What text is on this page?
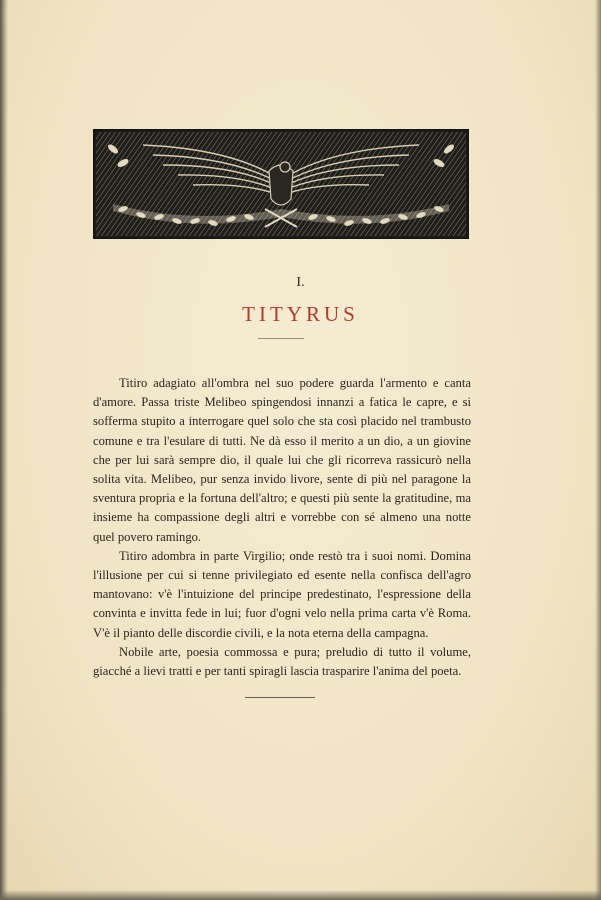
I.
TITYRUS

Titiro adagiato all'ombra nel suo podere guarda l'armento e canta d'amore. Passa triste Melibeo spingendosi innanzi a fatica le capre, e si sofferma stupito a interrogare quel solo che sta così placido nel trambusto comune e tra l'esulare di tutti. Ne dà esso il merito a un dio, a un giovine che per lui sarà sempre dio, il quale lui che gli ricorreva rassicurò nella solita vita. Melibeo, pur senza invido livore, sente di più nel paragone la sventura propria e la fortuna dell'altro; e questi più sente la gratitudine, ma insieme ha compassione degli altri e vorrebbe con sé almeno una notte quel povero ramingo.

Titiro adombra in parte Virgilio; onde restò tra i suoi nomi. Domina l'illusione per cui si tenne privilegiato ed esente nella confisca dell'agro mantovano: v'è l'intuizione del principe predestinato, l'espressione della convinta e invitta fede in lui; fuor d'ogni velo nella prima carta v'è Roma. V'è il pianto delle discordie civili, e la nota eterna della campagna.

Nobile arte, poesia commossa e pura; preludio di tutto il volume, giacché a lievi tratti e per tanti spiragli lascia trasparire l'anima del poeta.
